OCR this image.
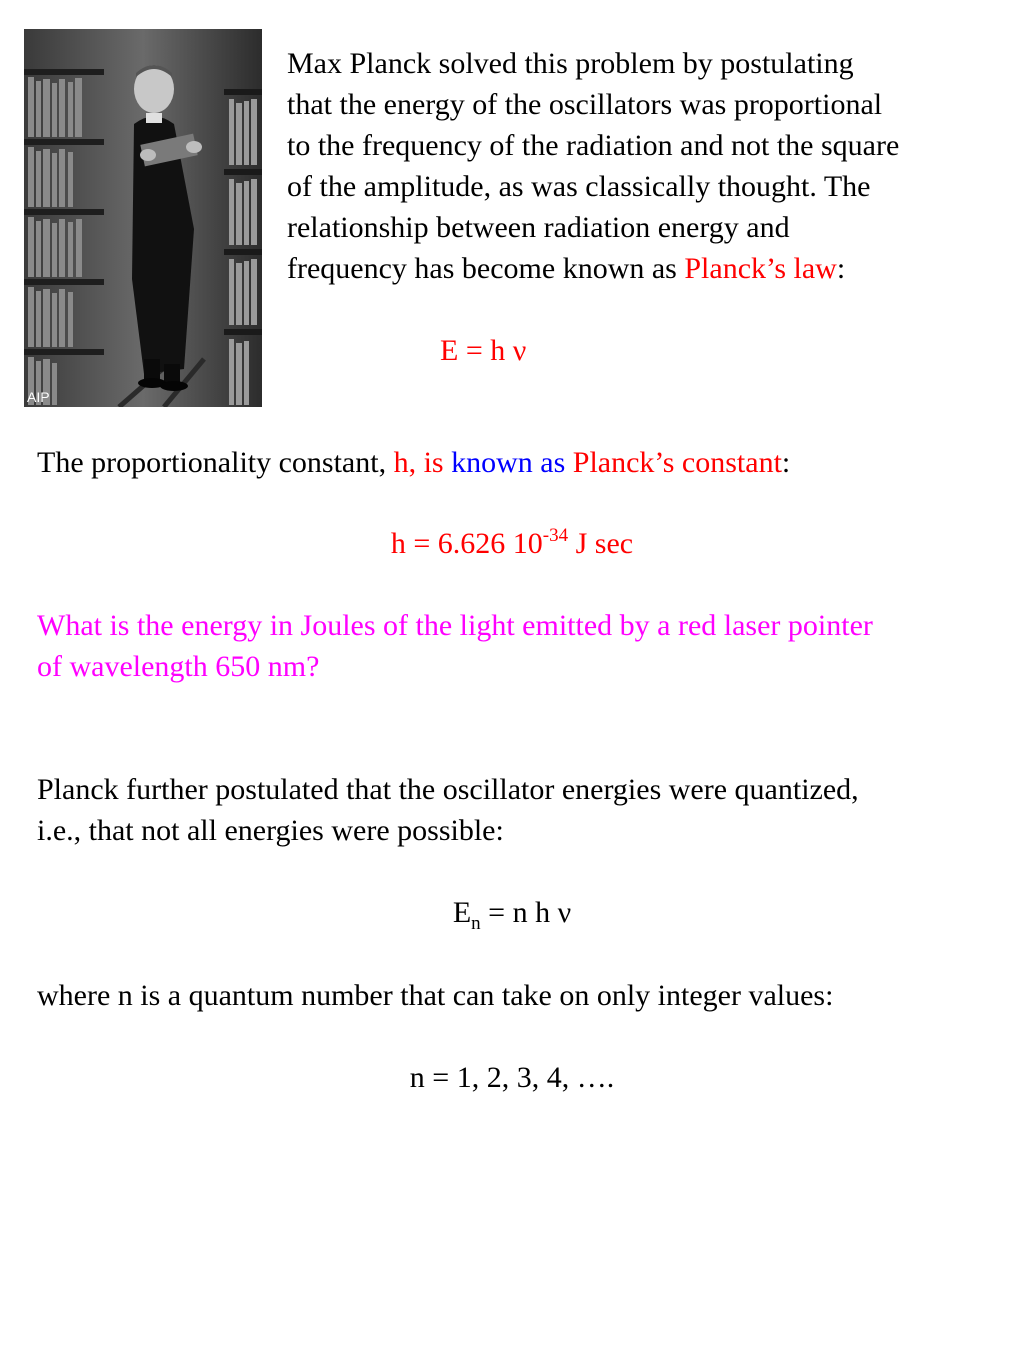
AIP

Max Planck solved this problem by postulating
that the energy of the oscillators was proportional
to the frequency of the radiation and not the square
of the amplitude, as was classically thought. The
relationship between radiation energy and
frequency has become known as Planck’s law:

E = h ν

The proportionality constant, h, is known as Planck’s constant:

h = 6.626 $10^{-34}$ J sec

What is the energy in Joules of the light emitted by a red laser pointer
of wavelength 650 nm?

Planck further postulated that the oscillator energies were quantized,
i.e., that not all energies were possible:

$E_n = n$ h ν

where n is a quantum number that can take on only integer values:

n = 1, 2, 3, 4, ….
